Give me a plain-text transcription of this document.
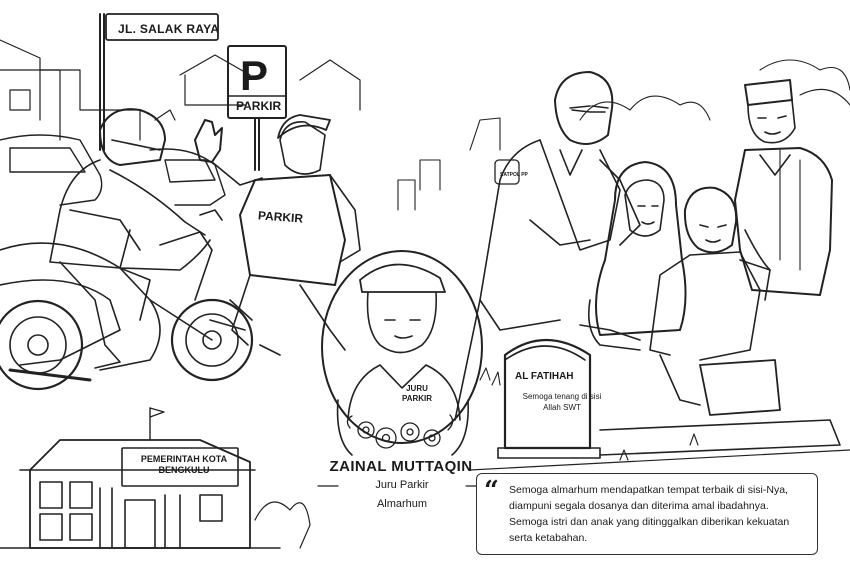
JL. SALAK RAYA
P
PARKIR
PARKIR
SATPOL PP
JURU PARKIR
ZAINAL MUTTAQIN
Juru Parkir
Almarhum
AL FATIHAH
Semoga tenang di sisi Allah SWT
PEMERINTAH KOTA BENGKULU
“ Semoga almarhum mendapatkan tempat terbaik di sisi-Nya, diampuni segala dosanya dan diterima amal ibadahnya. Semoga istri dan anak yang ditinggalkan diberikan kekuatan serta ketabahan.
